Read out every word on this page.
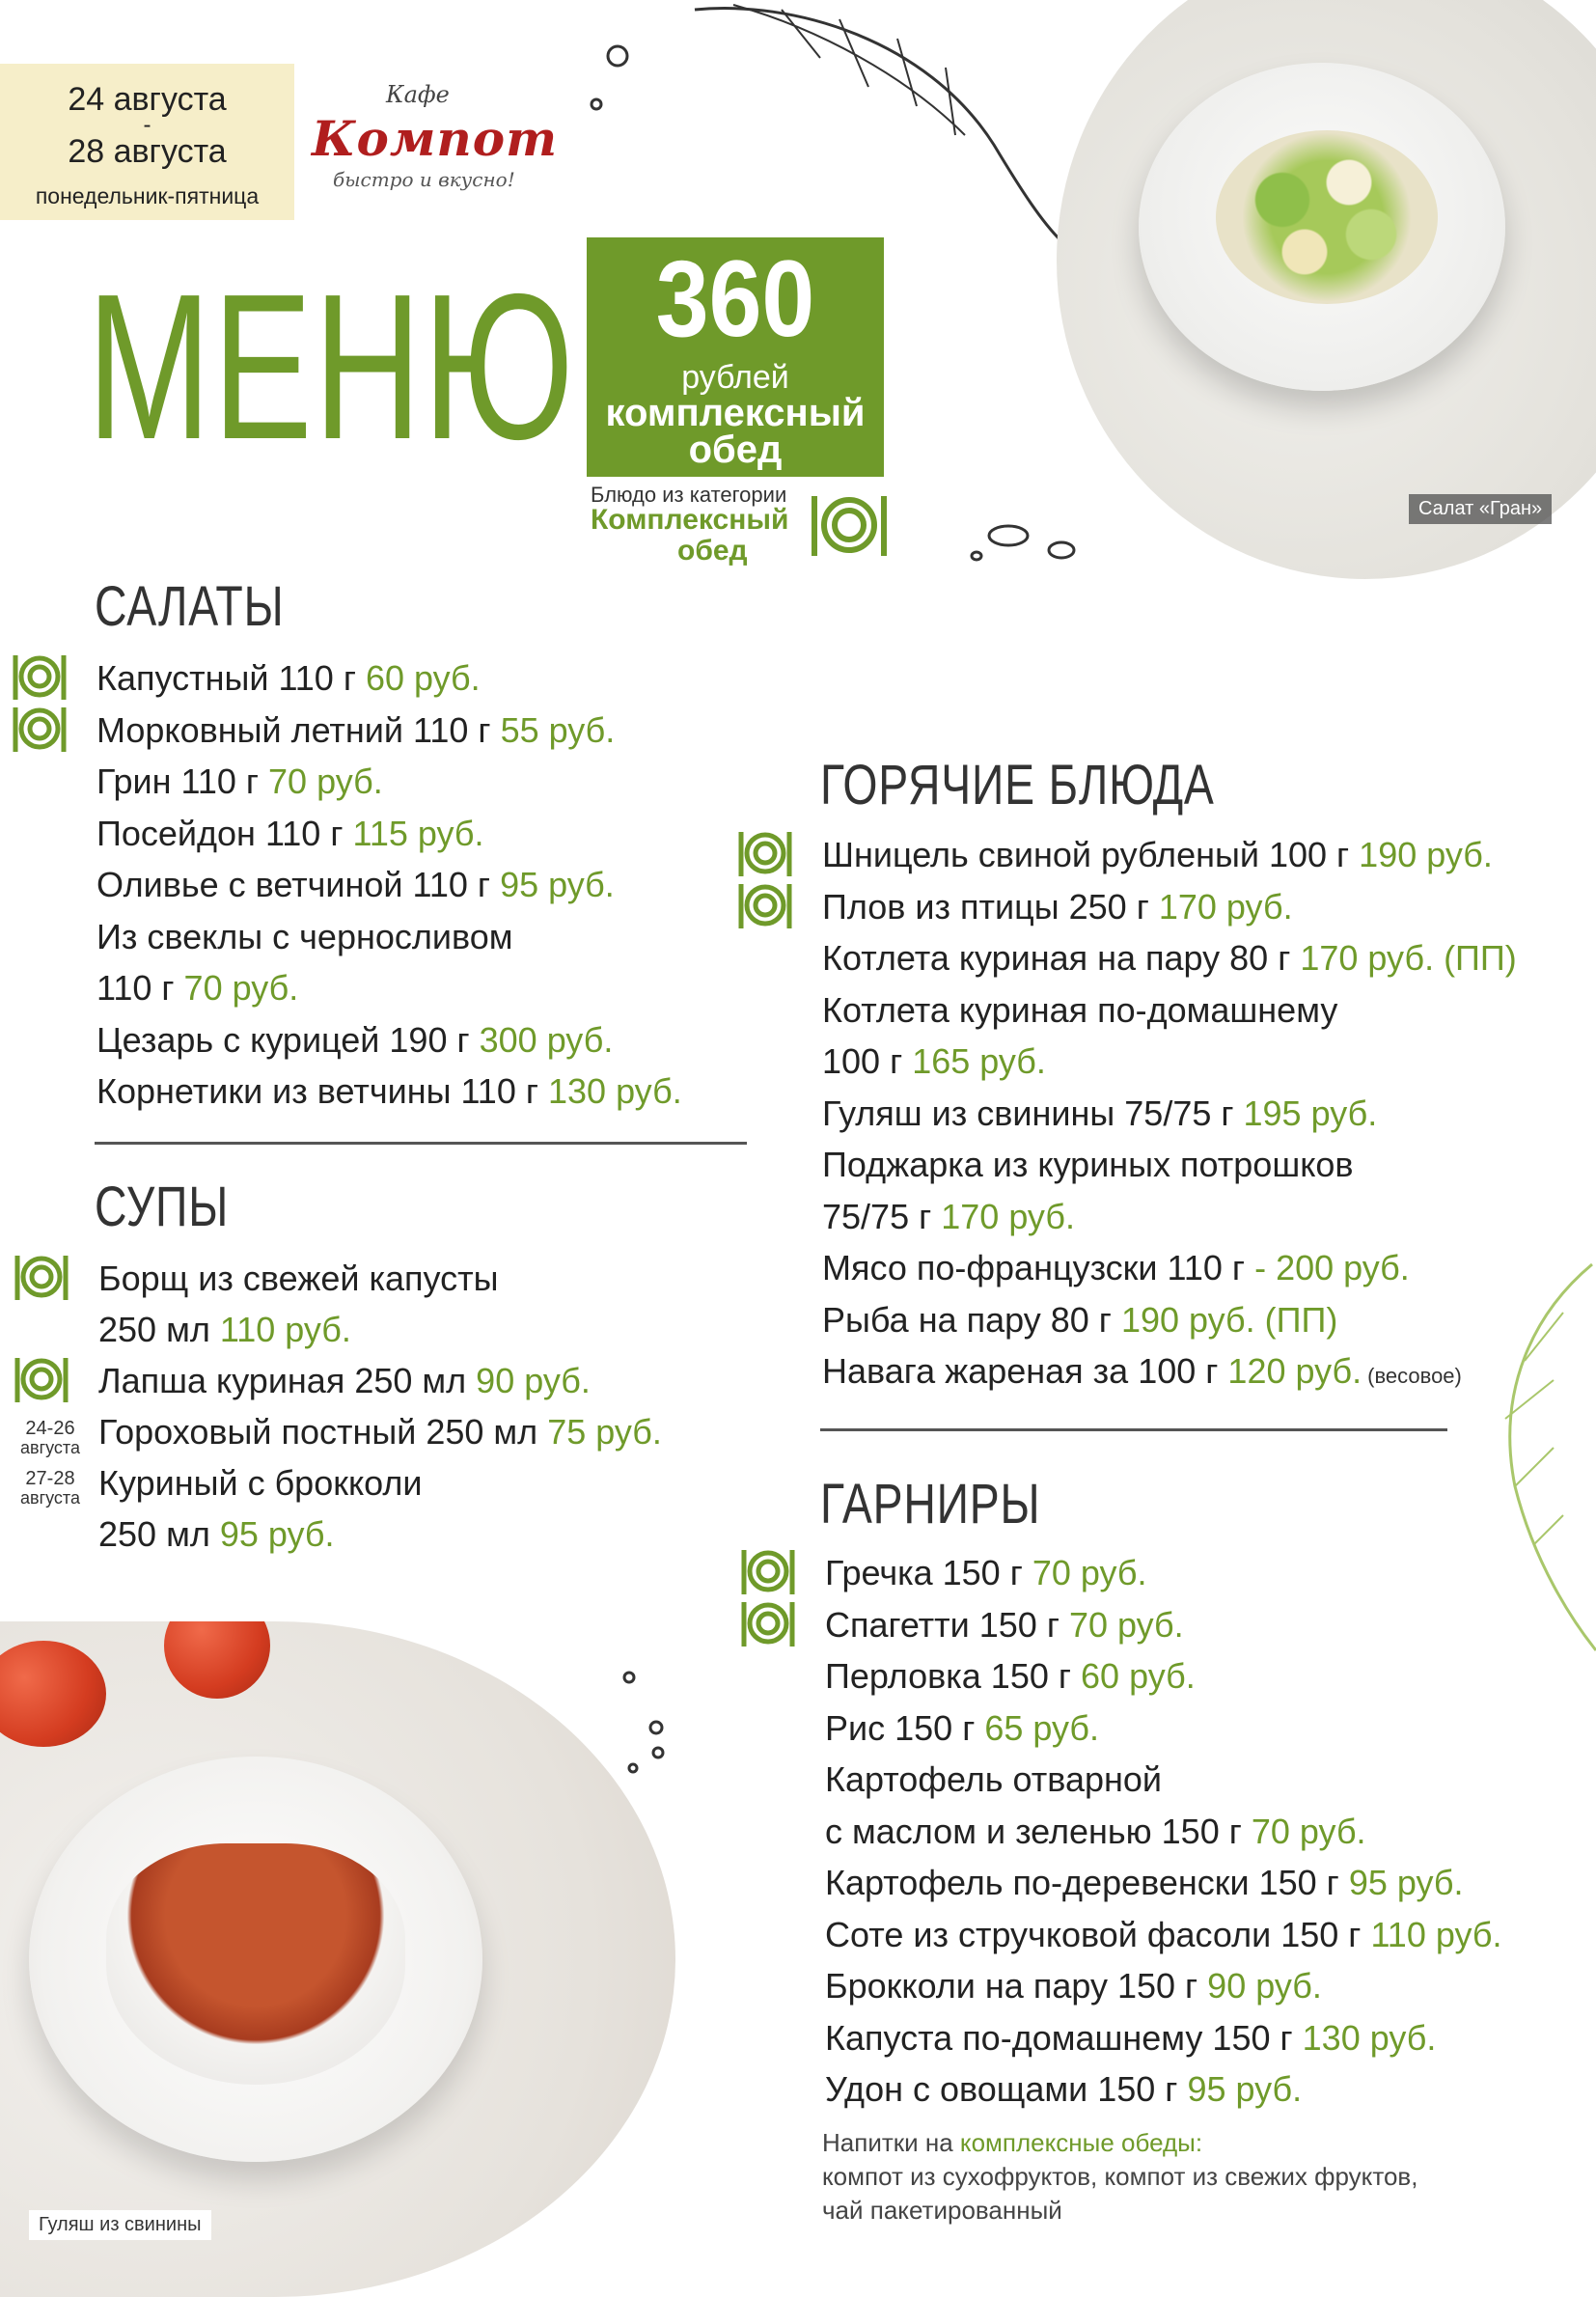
24 августа
-
28 августа
понедельник-пятница
Кафе
Компот
быстро и вкусно!
МЕНЮ 360
рублей
комплексный
обед
Блюдо из категории
Комплексный
обед
Салат «Гран»
САЛАТЫ
Капустный 110 г 60 руб.
Морковный летний 110 г 55 руб.
Грин 110 г 70 руб.
Посейдон 110 г 115 руб.
Оливье с ветчиной 110 г 95 руб.
Из свеклы с черносливом
110 г 70 руб.
Цезарь с курицей 190 г 300 руб.
Корнетики из ветчины 110 г 130 руб.
СУПЫ
Борщ из свежей капусты
250 мл 110 руб.
Лапша куриная 250 мл 90 руб.
Гороховый постный 250 мл 75 руб.
Куриный с брокколи
250 мл 95 руб.
24-26
августа
27-28
августа
ГОРЯЧИЕ БЛЮДА
Шницель свиной рубленый 100 г 190 руб.
Плов из птицы 250 г 170 руб.
Котлета куриная на пару 80 г 170 руб. (ПП)
Котлета куриная по-домашнему
100 г 165 руб.
Гуляш из свинины 75/75 г 195 руб.
Поджарка из куриных потрошков
75/75 г 170 руб.
Мясо по-французски 110 г - 200 руб.
Рыба на пару 80 г 190 руб. (ПП)
Навага жареная за 100 г 120 руб. (весовое)
ГАРНИРЫ
Гречка 150 г 70 руб.
Спагетти 150 г 70 руб.
Перловка 150 г 60 руб.
Рис 150 г 65 руб.
Картофель отварной
с маслом и зеленью 150 г 70 руб.
Картофель по-деревенски 150 г 95 руб.
Соте из стручковой фасоли 150 г 110 руб.
Брокколи на пару 150 г 90 руб.
Капуста по-домашнему 150 г 130 руб.
Удон с овощами 150 г 95 руб.
Гуляш из свинины
Напитки на комплексные обеды:
компот из сухофруктов, компот из свежих фруктов,
чай пакетированный
